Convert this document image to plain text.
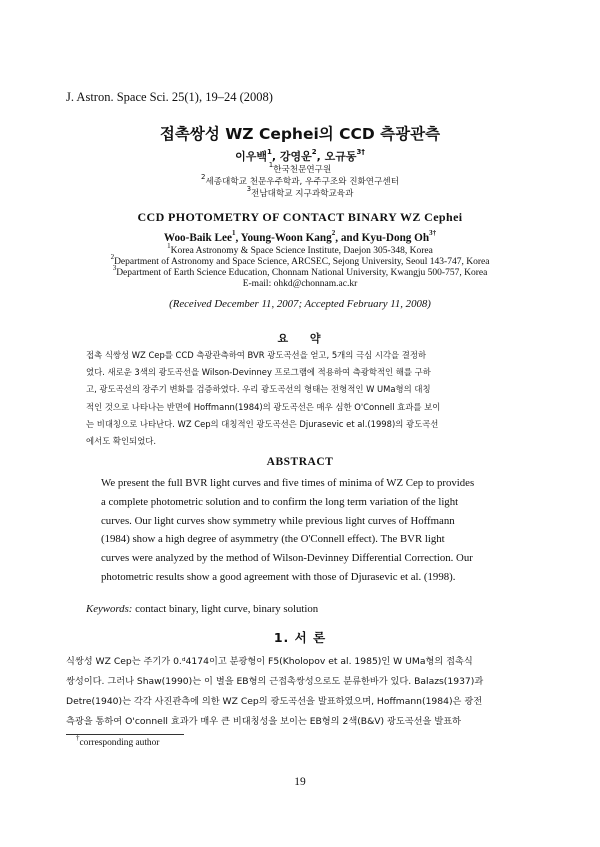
J. Astron. Space Sci. 25(1), 19–24 (2008)
접촉쌍성 WZ Cephei의 CCD 측광관측
이우백$^1$, 강영운$^2$, 오규동$^{3\dagger}$
$^1$한국천문연구원
$^2$세종대학교 천문우주학과, 우주구조와 진화연구센터
$^3$전남대학교 지구과학교육과
CCD PHOTOMETRY OF CONTACT BINARY WZ Cephei
Woo-Baik Lee$^1$, Young-Woon Kang$^2$, and Kyu-Dong $Oh^{3\dagger}$
$^1$Korea Astronomy & Space Science Institute, Daejon 305-348, Korea
$^2$Department of Astronomy and Space Science, ARCSEC, Sejong University, Seoul 143-747, Korea
$^3$Department of Earth Science Education, Chonnam National University, Kwangju 500-757, Korea
E-mail: ohkd@chonnam.ac.kr
(Received December 11, 2007; Accepted February 11, 2008)
요 약
접촉 식쌍성 WZ Cep를 CCD 측광관측하여 BVR 광도곡선을 얻고, 5개의 극심 시각을 결정하
였다. 새로운 3색의 광도곡선을 Wilson-Devinney 프로그램에 적용하여 측광학적인 해를 구하
고, 광도곡선의 장주기 변화를 검증하였다. 우리 광도곡선의 형태는 전형적인 W UMa형의 대칭
적인 것으로 나타나는 반면에 Hoffmann(1984)의 광도곡선은 매우 심한 O'Connell 효과를 보이
는 비대칭으로 나타난다. WZ Cep의 대칭적인 광도곡선은 Djurasevic et al.(1998)의 광도곡선
에서도 확인되었다.
ABSTRACT
We present the full BVR light curves and five times of minima of WZ Cep to provides
a complete photometric solution and to confirm the long term variation of the light
curves. Our light curves show symmetry while previous light curves of Hoffmann
(1984) show a high degree of asymmetry (the O'Connell effect). The BVR light
curves were analyzed by the method of Wilson-Devinney Differential Correction. Our
photometric results show a good agreement with those of Djurasevic et al. (1998).
Keywords: contact binary, light curve, binary solution
1. 서 론
식쌍성 WZ Cep는 주기가 0.ᵈ4174이고 분광형이 F5(Kholopov et al. 1985)인 W UMa형의 접촉식
쌍성이다. 그러나 Shaw(1990)는 이 별을 EB형의 근접촉쌍성으로도 분류한바가 있다. Balazs(1937)과
Detre(1940)는 각각 사진관측에 의한 WZ Cep의 광도곡선을 발표하였으며, Hoffmann(1984)은 광전
측광을 통하여 O'connell 효과가 매우 큰 비대칭성을 보이는 EB형의 2색(B&V) 광도곡선을 발표하
†corresponding author
19
